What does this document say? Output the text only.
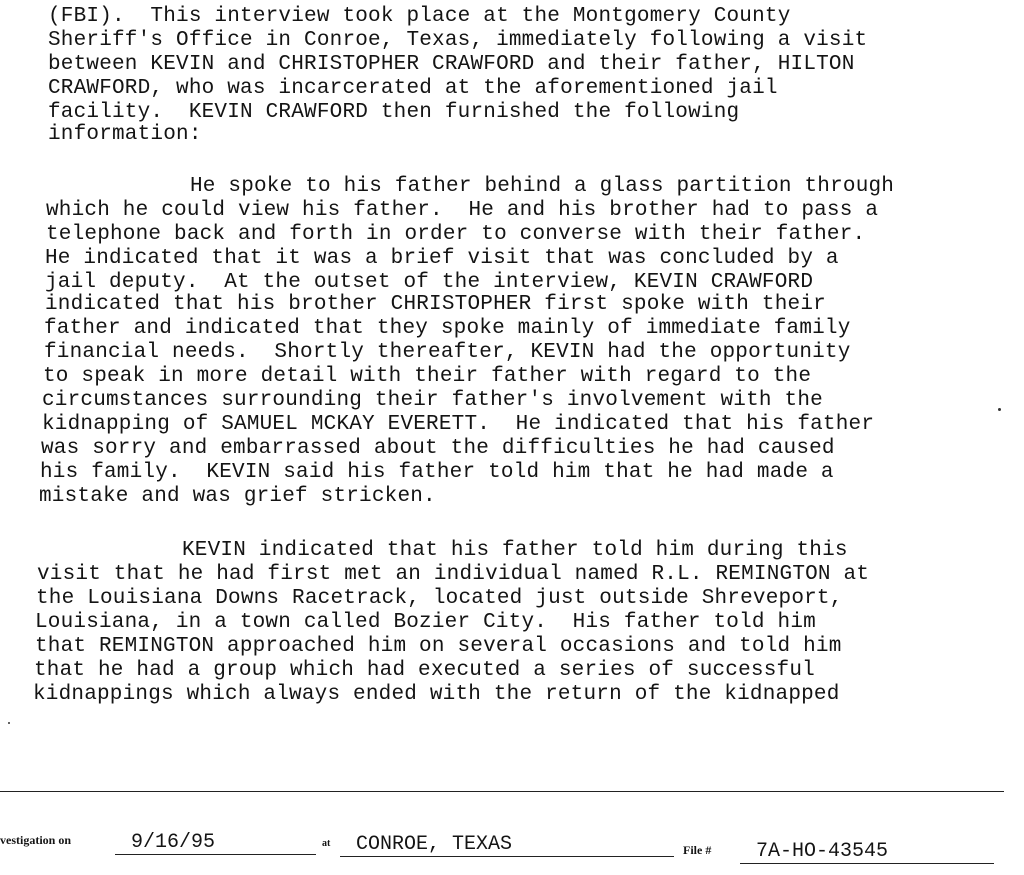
(FBI).  This interview took place at the Montgomery County
Sheriff's Office in Conroe, Texas, immediately following a visit
between KEVIN and CHRISTOPHER CRAWFORD and their father, HILTON
CRAWFORD, who was incarcerated at the aforementioned jail
facility.  KEVIN CRAWFORD then furnished the following
information:
He spoke to his father behind a glass partition through
which he could view his father.  He and his brother had to pass a
telephone back and forth in order to converse with their father.
He indicated that it was a brief visit that was concluded by a
jail deputy.  At the outset of the interview, KEVIN CRAWFORD
indicated that his brother CHRISTOPHER first spoke with their
father and indicated that they spoke mainly of immediate family
financial needs.  Shortly thereafter, KEVIN had the opportunity
to speak in more detail with their father with regard to the
circumstances surrounding their father's involvement with the
kidnapping of SAMUEL MCKAY EVERETT.  He indicated that his father
was sorry and embarrassed about the difficulties he had caused
his family.  KEVIN said his father told him that he had made a
mistake and was grief stricken.
KEVIN indicated that his father told him during this
visit that he had first met an individual named R.L. REMINGTON at
the Louisiana Downs Racetrack, located just outside Shreveport,
Louisiana, in a town called Bozier City.  His father told him
that REMINGTON approached him on several occasions and told him
that he had a group which had executed a series of successful
kidnappings which always ended with the return of the kidnapped
vestigation on	9/16/95	at	CONROE, TEXAS	File #	7A-HO-43545
